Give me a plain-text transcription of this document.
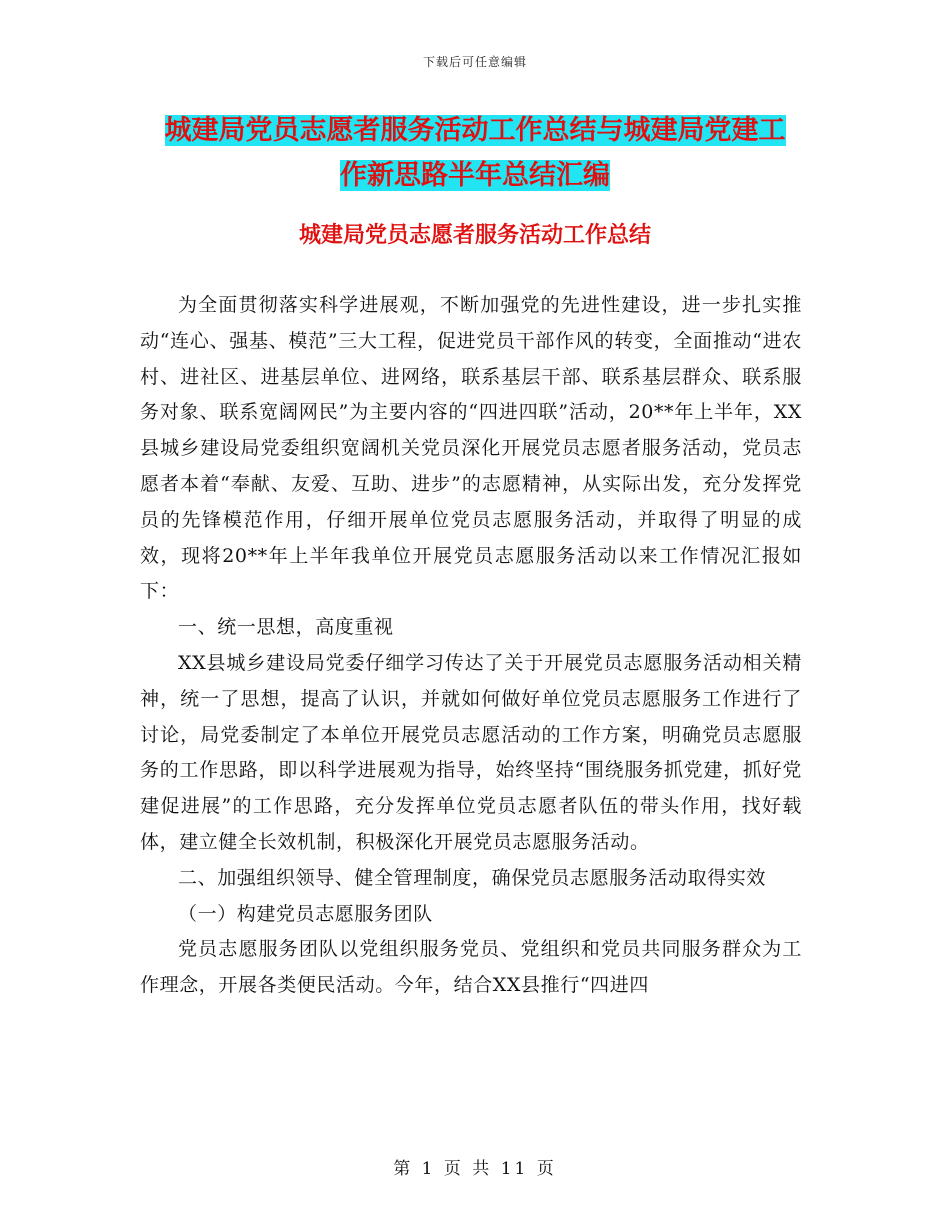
下载后可任意编辑
城建局党员志愿者服务活动工作总结与城建局党建工
作新思路半年总结汇编
城建局党员志愿者服务活动工作总结

为全面贯彻落实科学进展观，不断加强党的先进性建设，进一步扎实推动“连心、强基、模范”三大工程，促进党员干部作风的转变，全面推动“进农村、进社区、进基层单位、进网络，联系基层干部、联系基层群众、联系服务对象、联系宽阔网民”为主要内容的“四进四联”活动，20**年上半年，XX县城乡建设局党委组织宽阔机关党员深化开展党员志愿者服务活动，党员志愿者本着“奉献、友爱、互助、进步”的志愿精神，从实际出发，充分发挥党员的先锋模范作用，仔细开展单位党员志愿服务活动，并取得了明显的成效，现将20**年上半年我单位开展党员志愿服务活动以来工作情况汇报如下：

一、统一思想，高度重视

XX县城乡建设局党委仔细学习传达了关于开展党员志愿服务活动相关精神，统一了思想，提高了认识，并就如何做好单位党员志愿服务工作进行了讨论，局党委制定了本单位开展党员志愿活动的工作方案，明确党员志愿服务的工作思路，即以科学进展观为指导，始终坚持“围绕服务抓党建，抓好党建促进展”的工作思路，充分发挥单位党员志愿者队伍的带头作用，找好载体，建立健全长效机制，积极深化开展党员志愿服务活动。

二、加强组织领导、健全管理制度，确保党员志愿服务活动取得实效

（一）构建党员志愿服务团队

党员志愿服务团队以党组织服务党员、党组织和党员共同服务群众为工作理念，开展各类便民活动。今年，结合XX县推行“四进四

第 1 页 共 11 页
